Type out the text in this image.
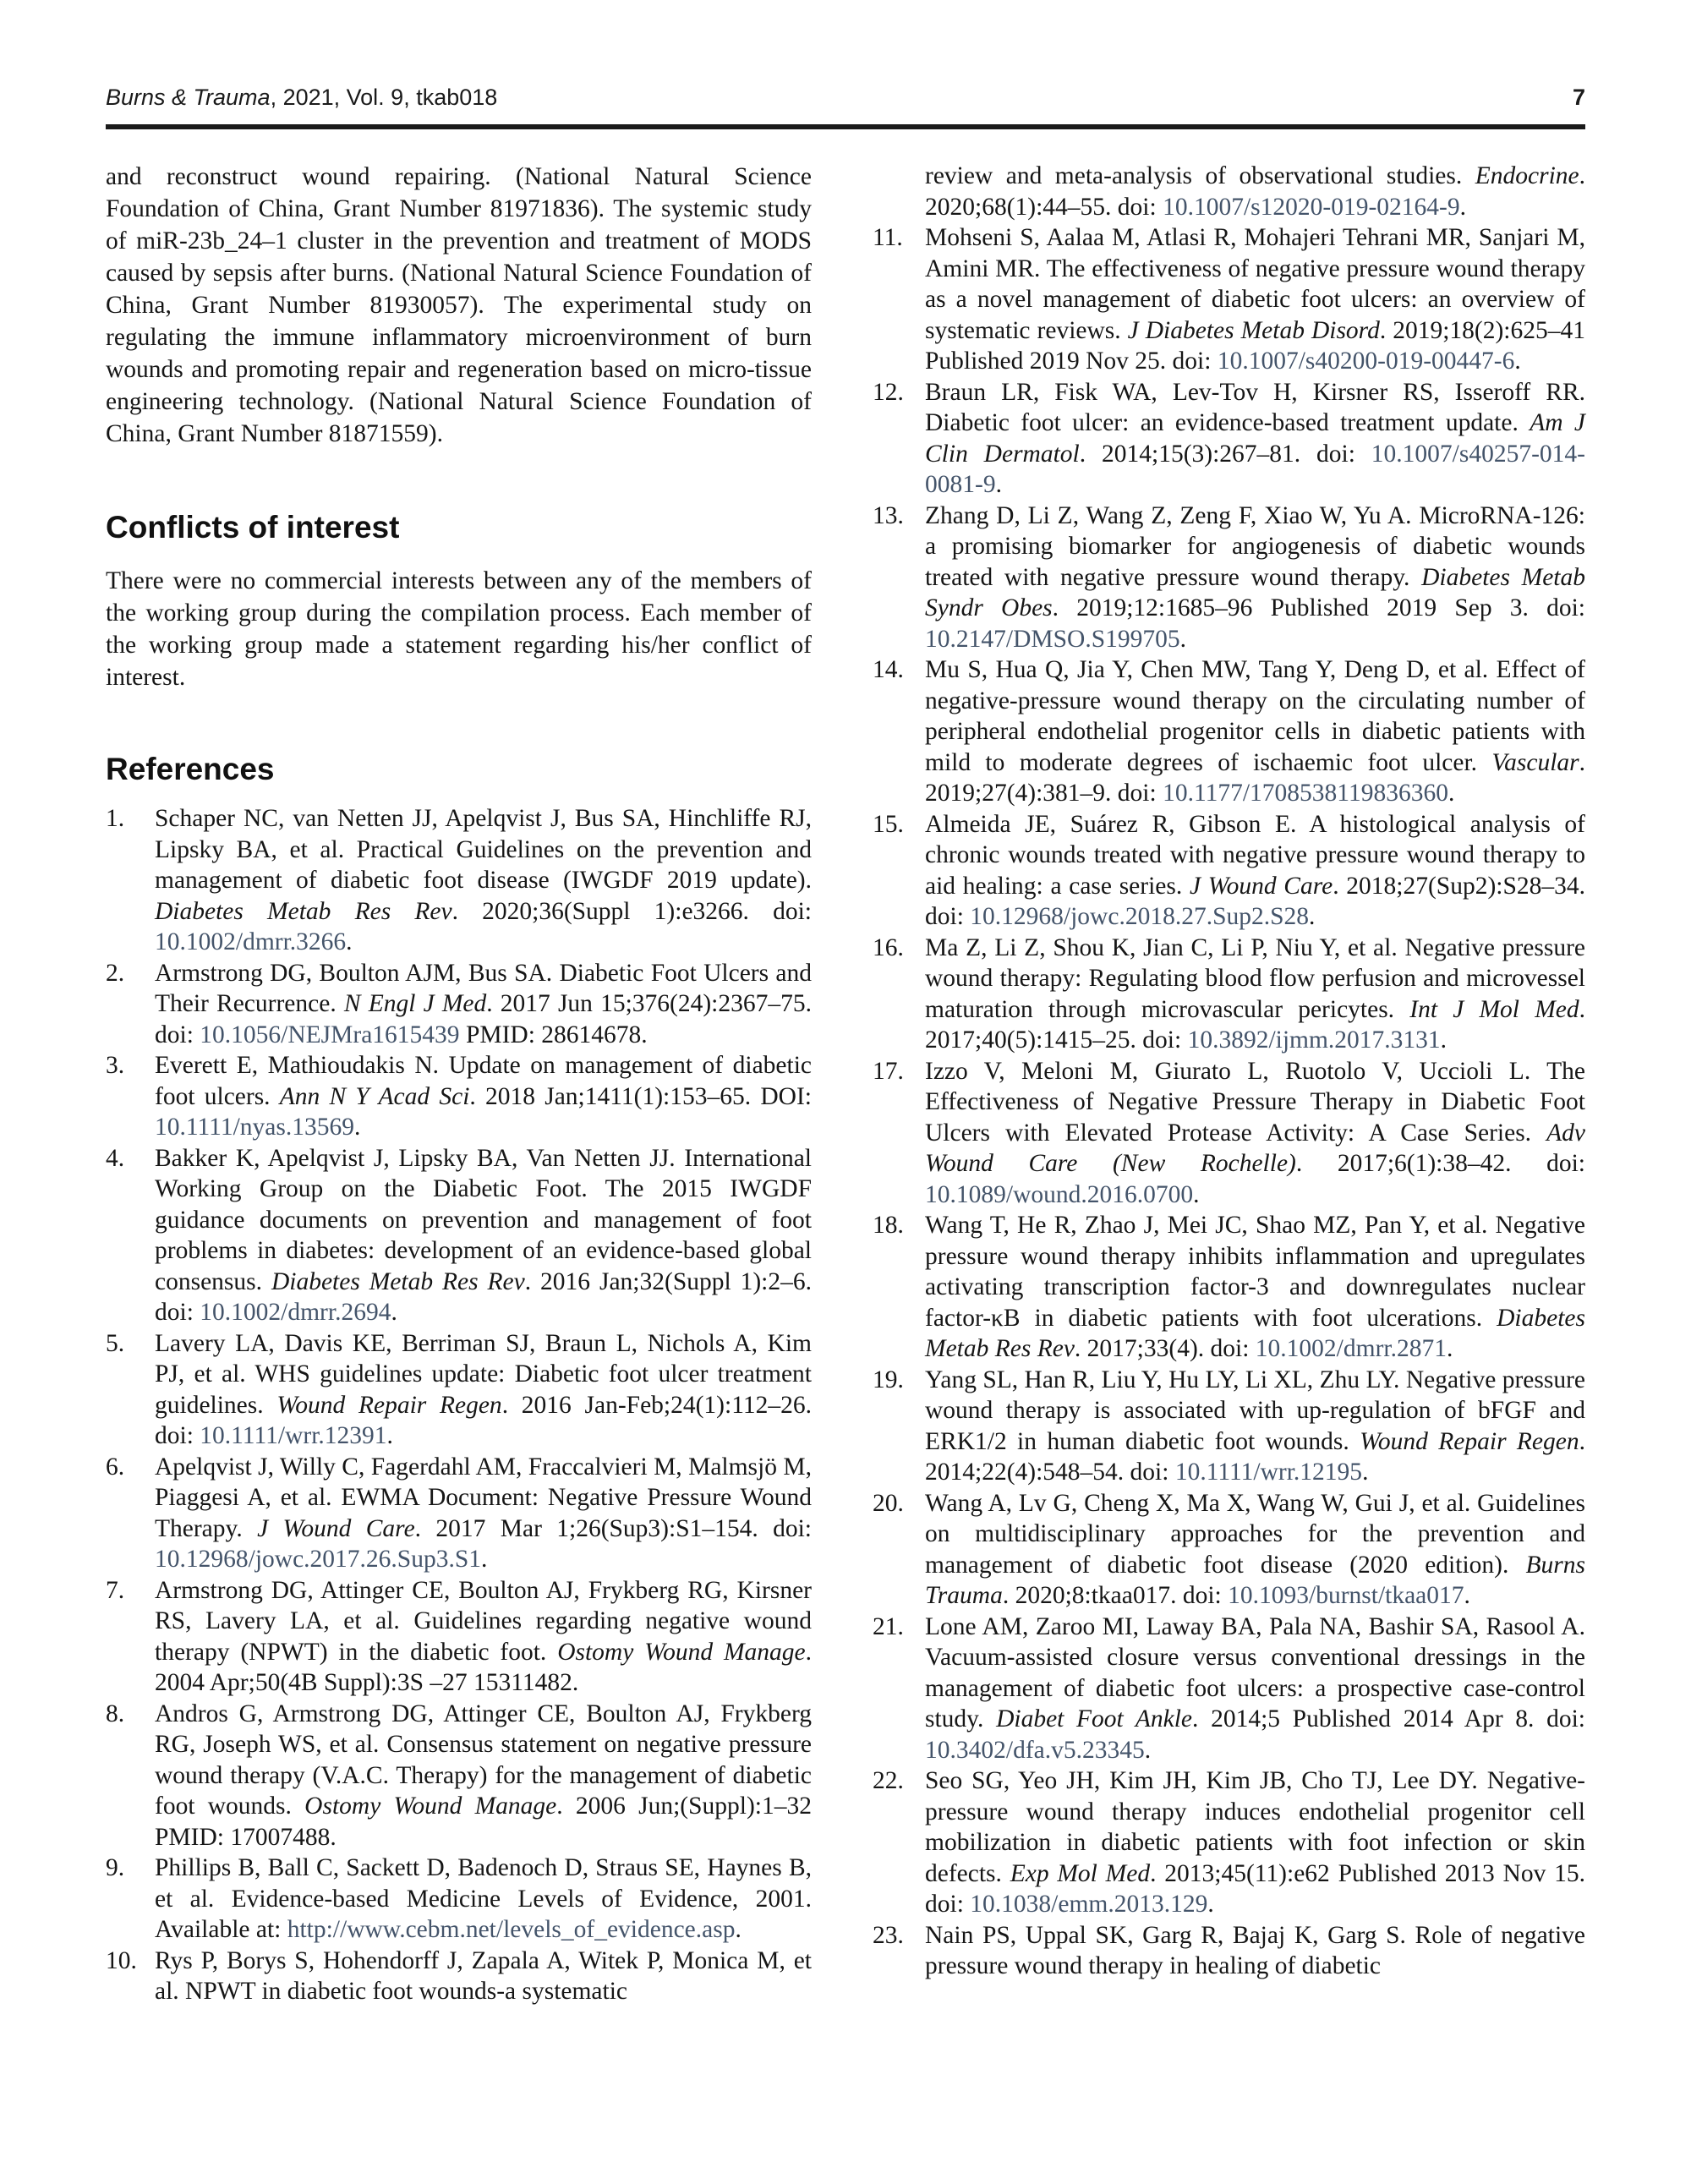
Burns & Trauma, 2021, Vol. 9, tkab018	7

and reconstruct wound repairing. (National Natural Science Foundation of China, Grant Number 81971836). The systemic study of miR-23b_24–1 cluster in the prevention and treatment of MODS caused by sepsis after burns. (National Natural Science Foundation of China, Grant Number 81930057). The experimental study on regulating the immune inflammatory microenvironment of burn wounds and promoting repair and regeneration based on micro-tissue engineering technology. (National Natural Science Foundation of China, Grant Number 81871559).

Conflicts of interest

There were no commercial interests between any of the members of the working group during the compilation process. Each member of the working group made a statement regarding his/her conflict of interest.

References
1. Schaper NC, van Netten JJ, Apelqvist J, Bus SA, Hinchliffe RJ, Lipsky BA, et al. Practical Guidelines on the prevention and management of diabetic foot disease (IWGDF 2019 update). Diabetes Metab Res Rev. 2020;36(Suppl 1):e3266. doi: 10.1002/dmrr.3266.
2. Armstrong DG, Boulton AJM, Bus SA. Diabetic Foot Ulcers and Their Recurrence. N Engl J Med. 2017 Jun 15;376(24):2367–75. doi: 10.1056/NEJMra1615439 PMID: 28614678.
3. Everett E, Mathioudakis N. Update on management of diabetic foot ulcers. Ann N Y Acad Sci. 2018 Jan;1411(1):153–65. DOI: 10.1111/nyas.13569.
4. Bakker K, Apelqvist J, Lipsky BA, Van Netten JJ. International Working Group on the Diabetic Foot. The 2015 IWGDF guidance documents on prevention and management of foot problems in diabetes: development of an evidence-based global consensus. Diabetes Metab Res Rev. 2016 Jan;32(Suppl 1):2–6. doi: 10.1002/dmrr.2694.
5. Lavery LA, Davis KE, Berriman SJ, Braun L, Nichols A, Kim PJ, et al. WHS guidelines update: Diabetic foot ulcer treatment guidelines. Wound Repair Regen. 2016 Jan-Feb;24(1):112–26. doi: 10.1111/wrr.12391.
6. Apelqvist J, Willy C, Fagerdahl AM, Fraccalvieri M, Malmsjö M, Piaggesi A, et al. EWMA Document: Negative Pressure Wound Therapy. J Wound Care. 2017 Mar 1;26(Sup3):S1–154. doi: 10.12968/jowc.2017.26.Sup3.S1.
7. Armstrong DG, Attinger CE, Boulton AJ, Frykberg RG, Kirsner RS, Lavery LA, et al. Guidelines regarding negative wound therapy (NPWT) in the diabetic foot. Ostomy Wound Manage. 2004 Apr;50(4B Suppl):3S –27 15311482.
8. Andros G, Armstrong DG, Attinger CE, Boulton AJ, Frykberg RG, Joseph WS, et al. Consensus statement on negative pressure wound therapy (V.A.C. Therapy) for the management of diabetic foot wounds. Ostomy Wound Manage. 2006 Jun;(Suppl):1–32 PMID: 17007488.
9. Phillips B, Ball C, Sackett D, Badenoch D, Straus SE, Haynes B, et al. Evidence-based Medicine Levels of Evidence, 2001. Available at: http://www.cebm.net/levels_of_evidence.asp.
10. Rys P, Borys S, Hohendorff J, Zapala A, Witek P, Monica M, et al. NPWT in diabetic foot wounds-a systematic

review and meta-analysis of observational studies. Endocrine. 2020;68(1):44–55. doi: 10.1007/s12020-019-02164-9.

11. Mohseni S, Aalaa M, Atlasi R, Mohajeri Tehrani MR, Sanjari M, Amini MR. The effectiveness of negative pressure wound therapy as a novel management of diabetic foot ulcers: an overview of systematic reviews. J Diabetes Metab Disord. 2019;18(2):625–41 Published 2019 Nov 25. doi: 10.1007/s40200-019-00447-6.
12. Braun LR, Fisk WA, Lev-Tov H, Kirsner RS, Isseroff RR. Diabetic foot ulcer: an evidence-based treatment update. Am J Clin Dermatol. 2014;15(3):267–81. doi: 10.1007/s40257-014-0081-9.
13. Zhang D, Li Z, Wang Z, Zeng F, Xiao W, Yu A. MicroRNA-126: a promising biomarker for angiogenesis of diabetic wounds treated with negative pressure wound therapy. Diabetes Metab Syndr Obes. 2019;12:1685–96 Published 2019 Sep 3. doi: 10.2147/DMSO.S199705.
14. Mu S, Hua Q, Jia Y, Chen MW, Tang Y, Deng D, et al. Effect of negative-pressure wound therapy on the circulating number of peripheral endothelial progenitor cells in diabetic patients with mild to moderate degrees of ischaemic foot ulcer. Vascular. 2019;27(4):381–9. doi: 10.1177/1708538119836360.
15. Almeida JE, Suárez R, Gibson E. A histological analysis of chronic wounds treated with negative pressure wound therapy to aid healing: a case series. J Wound Care. 2018;27(Sup2):S28–34. doi: 10.12968/jowc.2018.27.Sup2.S28.
16. Ma Z, Li Z, Shou K, Jian C, Li P, Niu Y, et al. Negative pressure wound therapy: Regulating blood flow perfusion and microvessel maturation through microvascular pericytes. Int J Mol Med. 2017;40(5):1415–25. doi: 10.3892/ijmm.2017.3131.
17. Izzo V, Meloni M, Giurato L, Ruotolo V, Uccioli L. The Effectiveness of Negative Pressure Therapy in Diabetic Foot Ulcers with Elevated Protease Activity: A Case Series. Adv Wound Care (New Rochelle). 2017;6(1):38–42. doi: 10.1089/wound.2016.0700.
18. Wang T, He R, Zhao J, Mei JC, Shao MZ, Pan Y, et al. Negative pressure wound therapy inhibits inflammation and upregulates activating transcription factor-3 and downregulates nuclear factor-κB in diabetic patients with foot ulcerations. Diabetes Metab Res Rev. 2017;33(4). doi: 10.1002/dmrr.2871.
19. Yang SL, Han R, Liu Y, Hu LY, Li XL, Zhu LY. Negative pressure wound therapy is associated with up-regulation of bFGF and ERK1/2 in human diabetic foot wounds. Wound Repair Regen. 2014;22(4):548–54. doi: 10.1111/wrr.12195.
20. Wang A, Lv G, Cheng X, Ma X, Wang W, Gui J, et al. Guidelines on multidisciplinary approaches for the prevention and management of diabetic foot disease (2020 edition). Burns Trauma. 2020;8:tkaa017. doi: 10.1093/burnst/tkaa017.
21. Lone AM, Zaroo MI, Laway BA, Pala NA, Bashir SA, Rasool A. Vacuum-assisted closure versus conventional dressings in the management of diabetic foot ulcers: a prospective case-control study. Diabet Foot Ankle. 2014;5 Published 2014 Apr 8. doi: 10.3402/dfa.v5.23345.
22. Seo SG, Yeo JH, Kim JH, Kim JB, Cho TJ, Lee DY. Negative-pressure wound therapy induces endothelial progenitor cell mobilization in diabetic patients with foot infection or skin defects. Exp Mol Med. 2013;45(11):e62 Published 2013 Nov 15. doi: 10.1038/emm.2013.129.
23. Nain PS, Uppal SK, Garg R, Bajaj K, Garg S. Role of negative pressure wound therapy in healing of diabetic
